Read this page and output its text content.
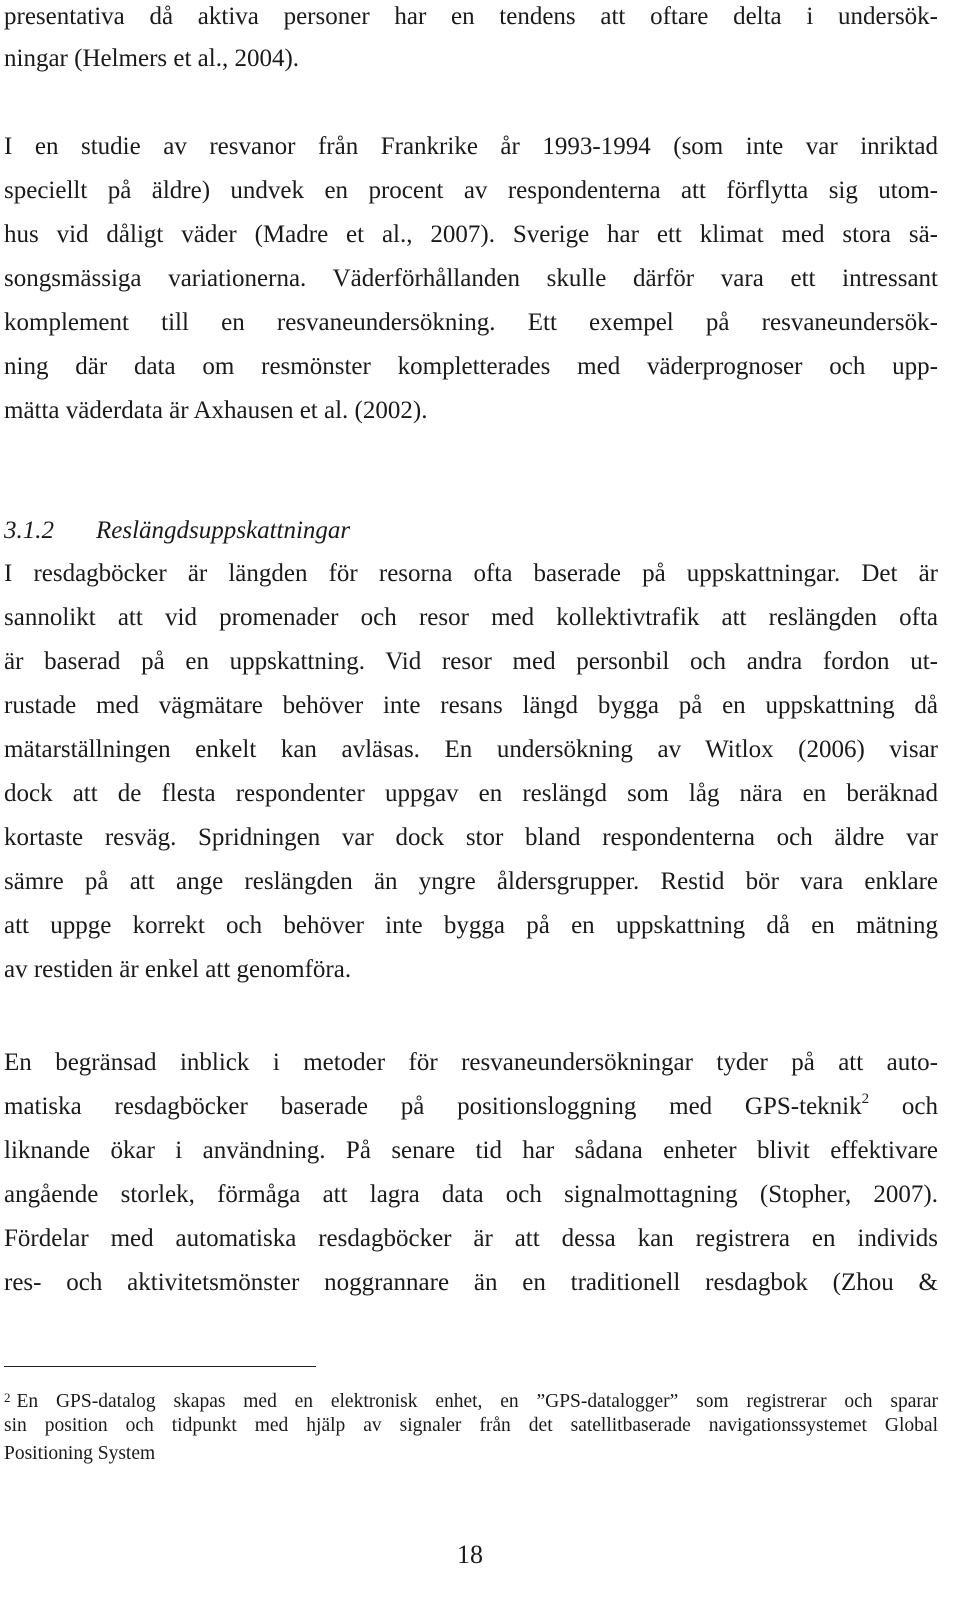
presentativa då aktiva personer har en tendens att oftare delta i undersök-
ningar (Helmers et al., 2004).
I en studie av resvanor från Frankrike år 1993-1994 (som inte var inriktad
speciellt på äldre) undvek en procent av respondenterna att förflytta sig utom-
hus vid dåligt väder (Madre et al., 2007). Sverige har ett klimat med stora sä-
songsmässiga variationerna. Väderförhållanden skulle därför vara ett intressant
komplement till en resvaneundersökning. Ett exempel på resvaneundersök-
ning där data om resmönster kompletterades med väderprognoser och upp-
mätta väderdata är Axhausen et al. (2002).
3.1.2 Reslängdsuppskattningar
I resdagböcker är längden för resorna ofta baserade på uppskattningar. Det är
sannolikt att vid promenader och resor med kollektivtrafik att reslängden ofta
är baserad på en uppskattning. Vid resor med personbil och andra fordon ut-
rustade med vägmätare behöver inte resans längd bygga på en uppskattning då
mätarställningen enkelt kan avläsas. En undersökning av Witlox (2006) visar
dock att de flesta respondenter uppgav en reslängd som låg nära en beräknad
kortaste resväg. Spridningen var dock stor bland respondenterna och äldre var
sämre på att ange reslängden än yngre åldersgrupper. Restid bör vara enklare
att uppge korrekt och behöver inte bygga på en uppskattning då en mätning
av restiden är enkel att genomföra.
En begränsad inblick i metoder för resvaneundersökningar tyder på att auto-
matiska resdagböcker baserade på positionsloggning med GPS-teknik$^2$ och
liknande ökar i användning. På senare tid har sådana enheter blivit effektivare
angående storlek, förmåga att lagra data och signalmottagning (Stopher, 2007).
Fördelar med automatiska resdagböcker är att dessa kan registrera en individs
res- och aktivitetsmönster noggrannare än en traditionell resdagbok (Zhou &
$^2$ En GPS-datalog skapas med en elektronisk enhet, en ”GPS-datalogger” som registrerar och sparar
sin position och tidpunkt med hjälp av signaler från det satellitbaserade navigationssystemet Global
Positioning System
18
